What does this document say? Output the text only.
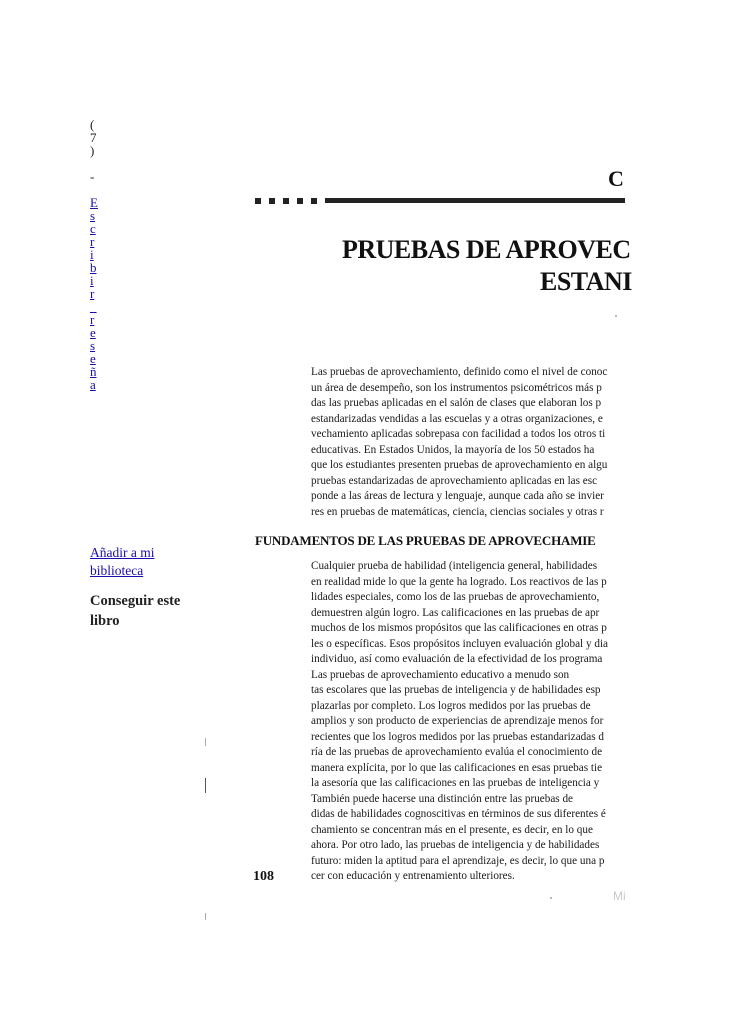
(
7
)
-
E
s
c
r
i
b
i
r
_
r
e
s
e
ñ
a
Añadir a mi biblioteca
Conseguir este libro
C
PRUEBAS DE APROVEC
ESTANI
Las pruebas de aprovechamiento, definido como el nivel de conoc
un área de desempeño, son los instrumentos psicométricos más p
das las pruebas aplicadas en el salón de clases que elaboran los p
estandarizadas vendidas a las escuelas y a otras organizaciones, e
vechamiento aplicadas sobrepasa con facilidad a todos los otros ti
educativas. En Estados Unidos, la mayoría de los 50 estados ha
que los estudiantes presenten pruebas de aprovechamiento en algu
pruebas estandarizadas de aprovechamiento aplicadas en las esc
ponde a las áreas de lectura y lenguaje, aunque cada año se invier
res en pruebas de matemáticas, ciencia, ciencias sociales y otras r
FUNDAMENTOS DE LAS PRUEBAS DE APROVECHAMIE
Cualquier prueba de habilidad (inteligencia general, habilidades
en realidad mide lo que la gente ha logrado. Los reactivos de las p
lidades especiales, como los de las pruebas de aprovechamiento,
demuestren algún logro. Las calificaciones en las pruebas de apr
muchos de los mismos propósitos que las calificaciones en otras p
les o específicas. Esos propósitos incluyen evaluación global y dia
individuo, así como evaluación de la efectividad de los programa
Las pruebas de aprovechamiento educativo a menudo son
tas escolares que las pruebas de inteligencia y de habilidades esp
plazarlas por completo. Los logros medidos por las pruebas de
amplios y son producto de experiencias de aprendizaje menos for
recientes que los logros medidos por las pruebas estandarizadas d
ría de las pruebas de aprovechamiento evalúa el conocimiento de
manera explícita, por lo que las calificaciones en esas pruebas tie
la asesoría que las calificaciones en las pruebas de inteligencia y
También puede hacerse una distinción entre las pruebas de
didas de habilidades cognoscitivas en términos de sus diferentes é
chamiento se concentran más en el presente, es decir, en lo que
ahora. Por otro lado, las pruebas de inteligencia y de habilidades
futuro: miden la aptitud para el aprendizaje, es decir, lo que una p
cer con educación y entrenamiento ulteriores.
108
Mi
